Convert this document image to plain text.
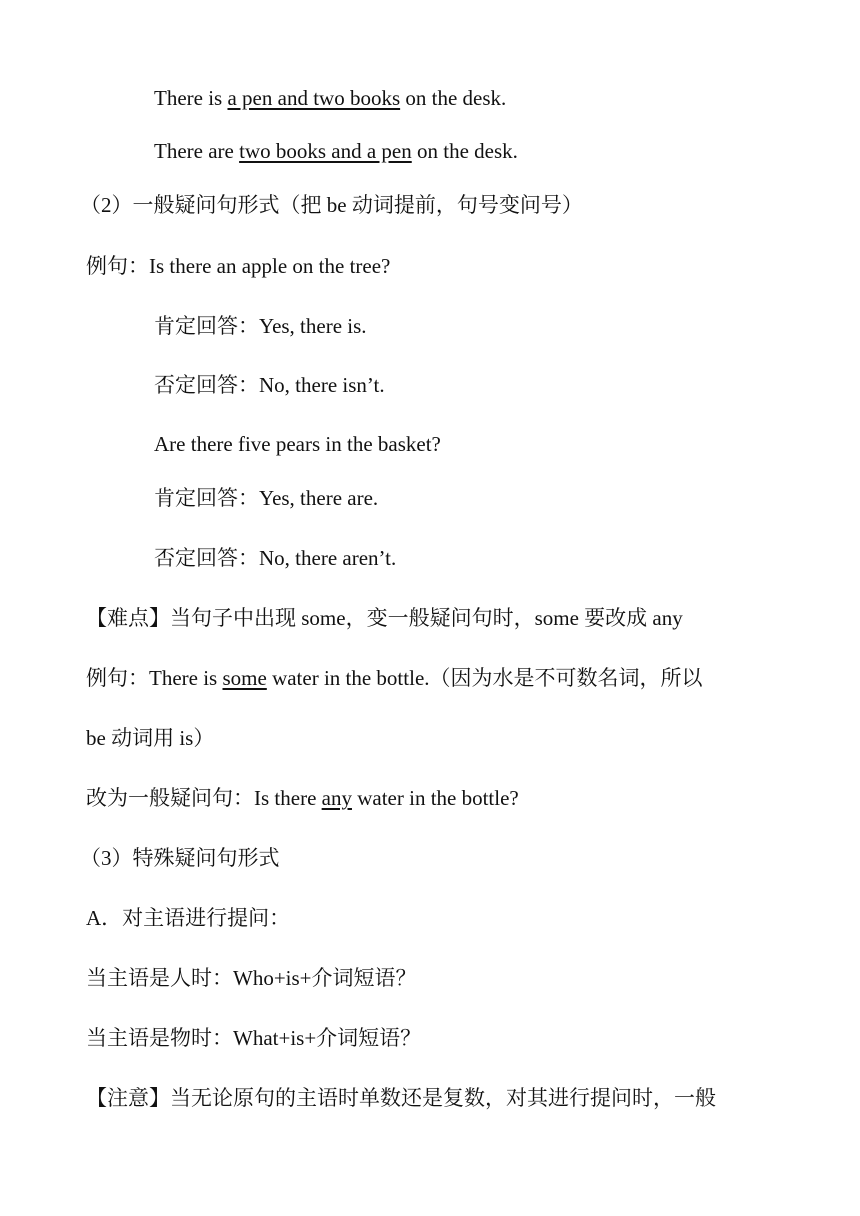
There is a pen and two books on the desk.

There are two books and a pen on the desk.

（2）一般疑问句形式（把 be 动词提前，句号变问号）

例句：Is there an apple on the tree?

肯定回答：Yes, there is.

否定回答：No, there isn’t.

Are there five pears in the basket?

肯定回答：Yes, there are.

否定回答：No, there aren’t.

【难点】当句子中出现 some，变一般疑问句时，some 要改成 any

例句：There is some water in the bottle.（因为水是不可数名词，所以

be 动词用 is）

改为一般疑问句：Is there any water in the bottle?

（3）特殊疑问句形式

A．对主语进行提问：

当主语是人时：Who+is+介词短语？

当主语是物时：What+is+介词短语？

【注意】当无论原句的主语时单数还是复数，对其进行提问时，一般
